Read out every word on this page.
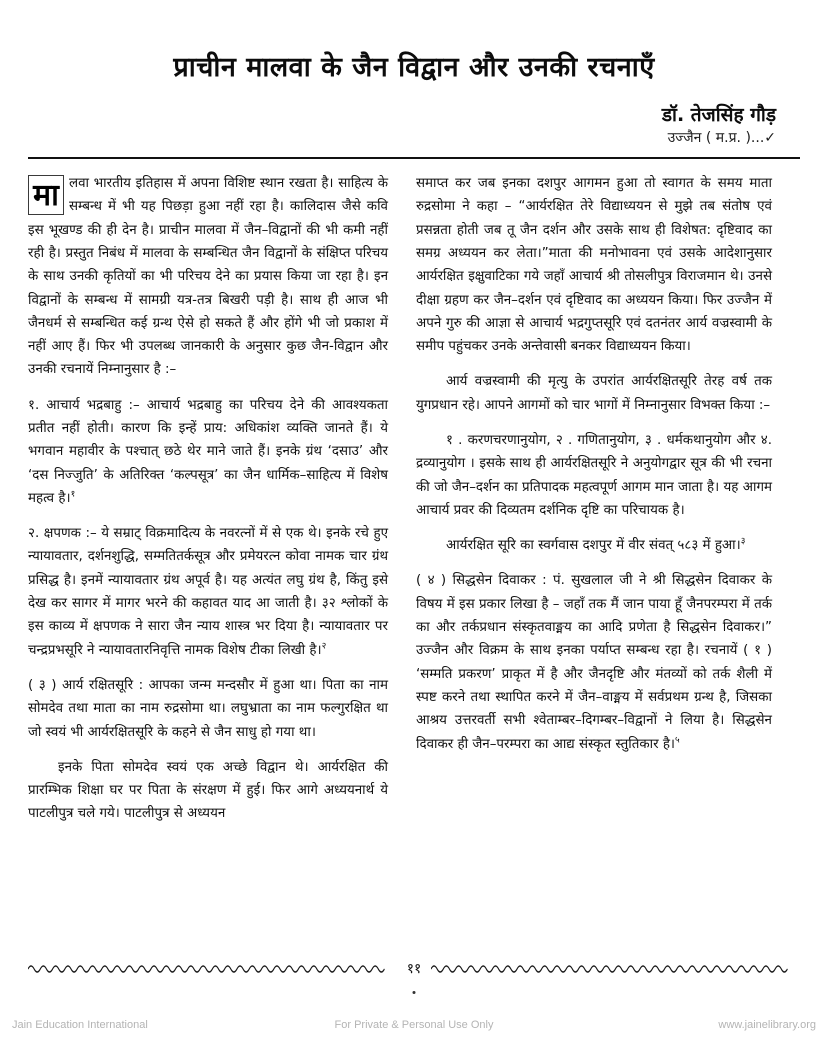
प्राचीन मालवा के जैन विद्वान और उनकी रचनाएँ
डॉ. तेजसिंह गौड़
उज्जैन ( म.प्र. )...✓

मा लवा भारतीय इतिहास में अपना विशिष्ट स्थान रखता है। साहित्य के सम्बन्ध में भी यह पिछड़ा हुआ नहीं रहा है। कालिदास जैसे कवि इस भूखण्ड की ही देन है। प्राचीन मालवा में जैन–विद्वानों की भी कमी नहीं रही है। प्रस्तुत निबंध में मालवा के सम्बन्धित जैन विद्वानों के संक्षिप्त परिचय के साथ उनकी कृतियों का भी परिचय देने का प्रयास किया जा रहा है। इन विद्वानों के सम्बन्ध में सामग्री यत्र-तत्र बिखरी पड़ी है। साथ ही आज भी जैनधर्म से सम्बन्धित कई ग्रन्थ ऐसे हो सकते हैं और होंगे भी जो प्रकाश में नहीं आए हैं। फिर भी उपलब्ध जानकारी के अनुसार कुछ जैन-विद्वान और उनकी रचनायें निम्नानुसार है :–

१. आचार्य भद्रबाहु :– आचार्य भद्रबाहु का परिचय देने की आवश्यकता प्रतीत नहीं होती। कारण कि इन्हें प्राय: अधिकांश व्यक्ति जानते हैं। ये भगवान महावीर के पश्चात् छठे थेर माने जाते हैं। इनके ग्रंथ ‘दसाउ’ और ‘दस निज्जुति’ के अतिरिक्त ‘कल्पसूत्र’ का जैन धार्मिक–साहित्य में विशेष महत्व है।$^१$

२. क्षपणक :– ये सम्राट् विक्रमादित्य के नवरत्नों में से एक थे। इनके रचे हुए न्यायावतार, दर्शनशुद्धि, सम्मतितर्कसूत्र और प्रमेयरत्न कोवा नामक चार ग्रंथ प्रसिद्ध है। इनमें न्यायावतार ग्रंथ अपूर्व है। यह अत्यंत लघु ग्रंथ है, किंतु इसे देख कर सागर में मागर भरने की कहावत याद आ जाती है। ३२ श्लोकों के इस काव्य में क्षपणक ने सारा जैन न्याय शास्त्र भर दिया है। न्यायावतार पर चन्द्रप्रभसूरि ने न्यायावतारनिवृत्ति नामक विशेष टीका लिखी है।$^२$

( ३ ) आर्य रक्षितसूरि : आपका जन्म मन्दसौर में हुआ था। पिता का नाम सोमदेव तथा माता का नाम रुद्रसोमा था। लघुभ्राता का नाम फल्गुरक्षित था जो स्वयं भी आर्यरक्षितसूरि के कहने से जैन साधु हो गया था।

इनके पिता सोमदेव स्वयं एक अच्छे विद्वान थे। आर्यरक्षित की प्रारम्भिक शिक्षा घर पर पिता के संरक्षण में हुई। फिर आगे अध्ययनार्थ ये पाटलीपुत्र चले गये। पाटलीपुत्र से अध्ययन

समाप्त कर जब इनका दशपुर आगमन हुआ तो स्वागत के समय माता रुद्रसोमा ने कहा – “आर्यरक्षित तेरे विद्याध्ययन से मुझे तब संतोष एवं प्रसन्नता होती जब तू जैन दर्शन और उसके साथ ही विशेषत: दृष्टिवाद का समग्र अध्ययन कर लेता।”माता की मनोभावना एवं उसके आदेशानुसार आर्यरक्षित इक्षुवाटिका गये जहाँ आचार्य श्री तोसलीपुत्र विराजमान थे। उनसे दीक्षा ग्रहण कर जैन–दर्शन एवं दृष्टिवाद का अध्ययन किया। फिर उज्जैन में अपने गुरु की आज्ञा से आचार्य भद्रगुप्तसूरि एवं दतनंतर आर्य वज्रस्वामी के समीप पहुंचकर उनके अन्तेवासी बनकर विद्याध्ययन किया।

आर्य वज्रस्वामी की मृत्यु के उपरांत आर्यरक्षितसूरि तेरह वर्ष तक युगप्रधान रहे। आपने आगमों को चार भागों में निम्नानुसार विभक्त किया :–

१ . करणचरणानुयोग, २ . गणितानुयोग, ३ . धर्मकथानुयोग और ४. द्रव्यानुयोग । इसके साथ ही आर्यरक्षितसूरि ने अनुयोगद्वार सूत्र की भी रचना की जो जैन–दर्शन का प्रतिपादक महत्वपूर्ण आगम मान जाता है। यह आगम आचार्य प्रवर की दिव्यतम दर्शनिक दृष्टि का परिचायक है।

आर्यरक्षित सूरि का स्वर्गवास दशपुर में वीर संवत् ५८३ में हुआ।$^३$

( ४ ) सिद्धसेन दिवाकर : पं. सुखलाल जी ने श्री सिद्धसेन दिवाकर के विषय में इस प्रकार लिखा है – जहाँ तक मैं जान पाया हूँ जैनपरम्परा में तर्क का और तर्कप्रधान संस्कृतवाङ्मय का आदि प्रणेता है सिद्धसेन दिवाकर।” उज्जैन और विक्रम के साथ इनका पर्याप्त सम्बन्ध रहा है। रचनायें ( १ ) ‘सम्मति प्रकरण’ प्राकृत में है और जैनदृष्टि और मंतव्यों को तर्क शैली में स्पष्ट करने तथा स्थापित करने में जैन–वाङ्मय में सर्वप्रथम ग्रन्थ है, जिसका आश्रय उत्तरवर्ती सभी श्वेताम्बर–दिगम्बर–विद्वानों ने लिया है। सिद्धसेन दिवाकर ही जैन–परम्परा का आद्य संस्कृत स्तुतिकार है।$^५$

११
Jain Education International	For Private & Personal Use Only	www.jainelibrary.org
